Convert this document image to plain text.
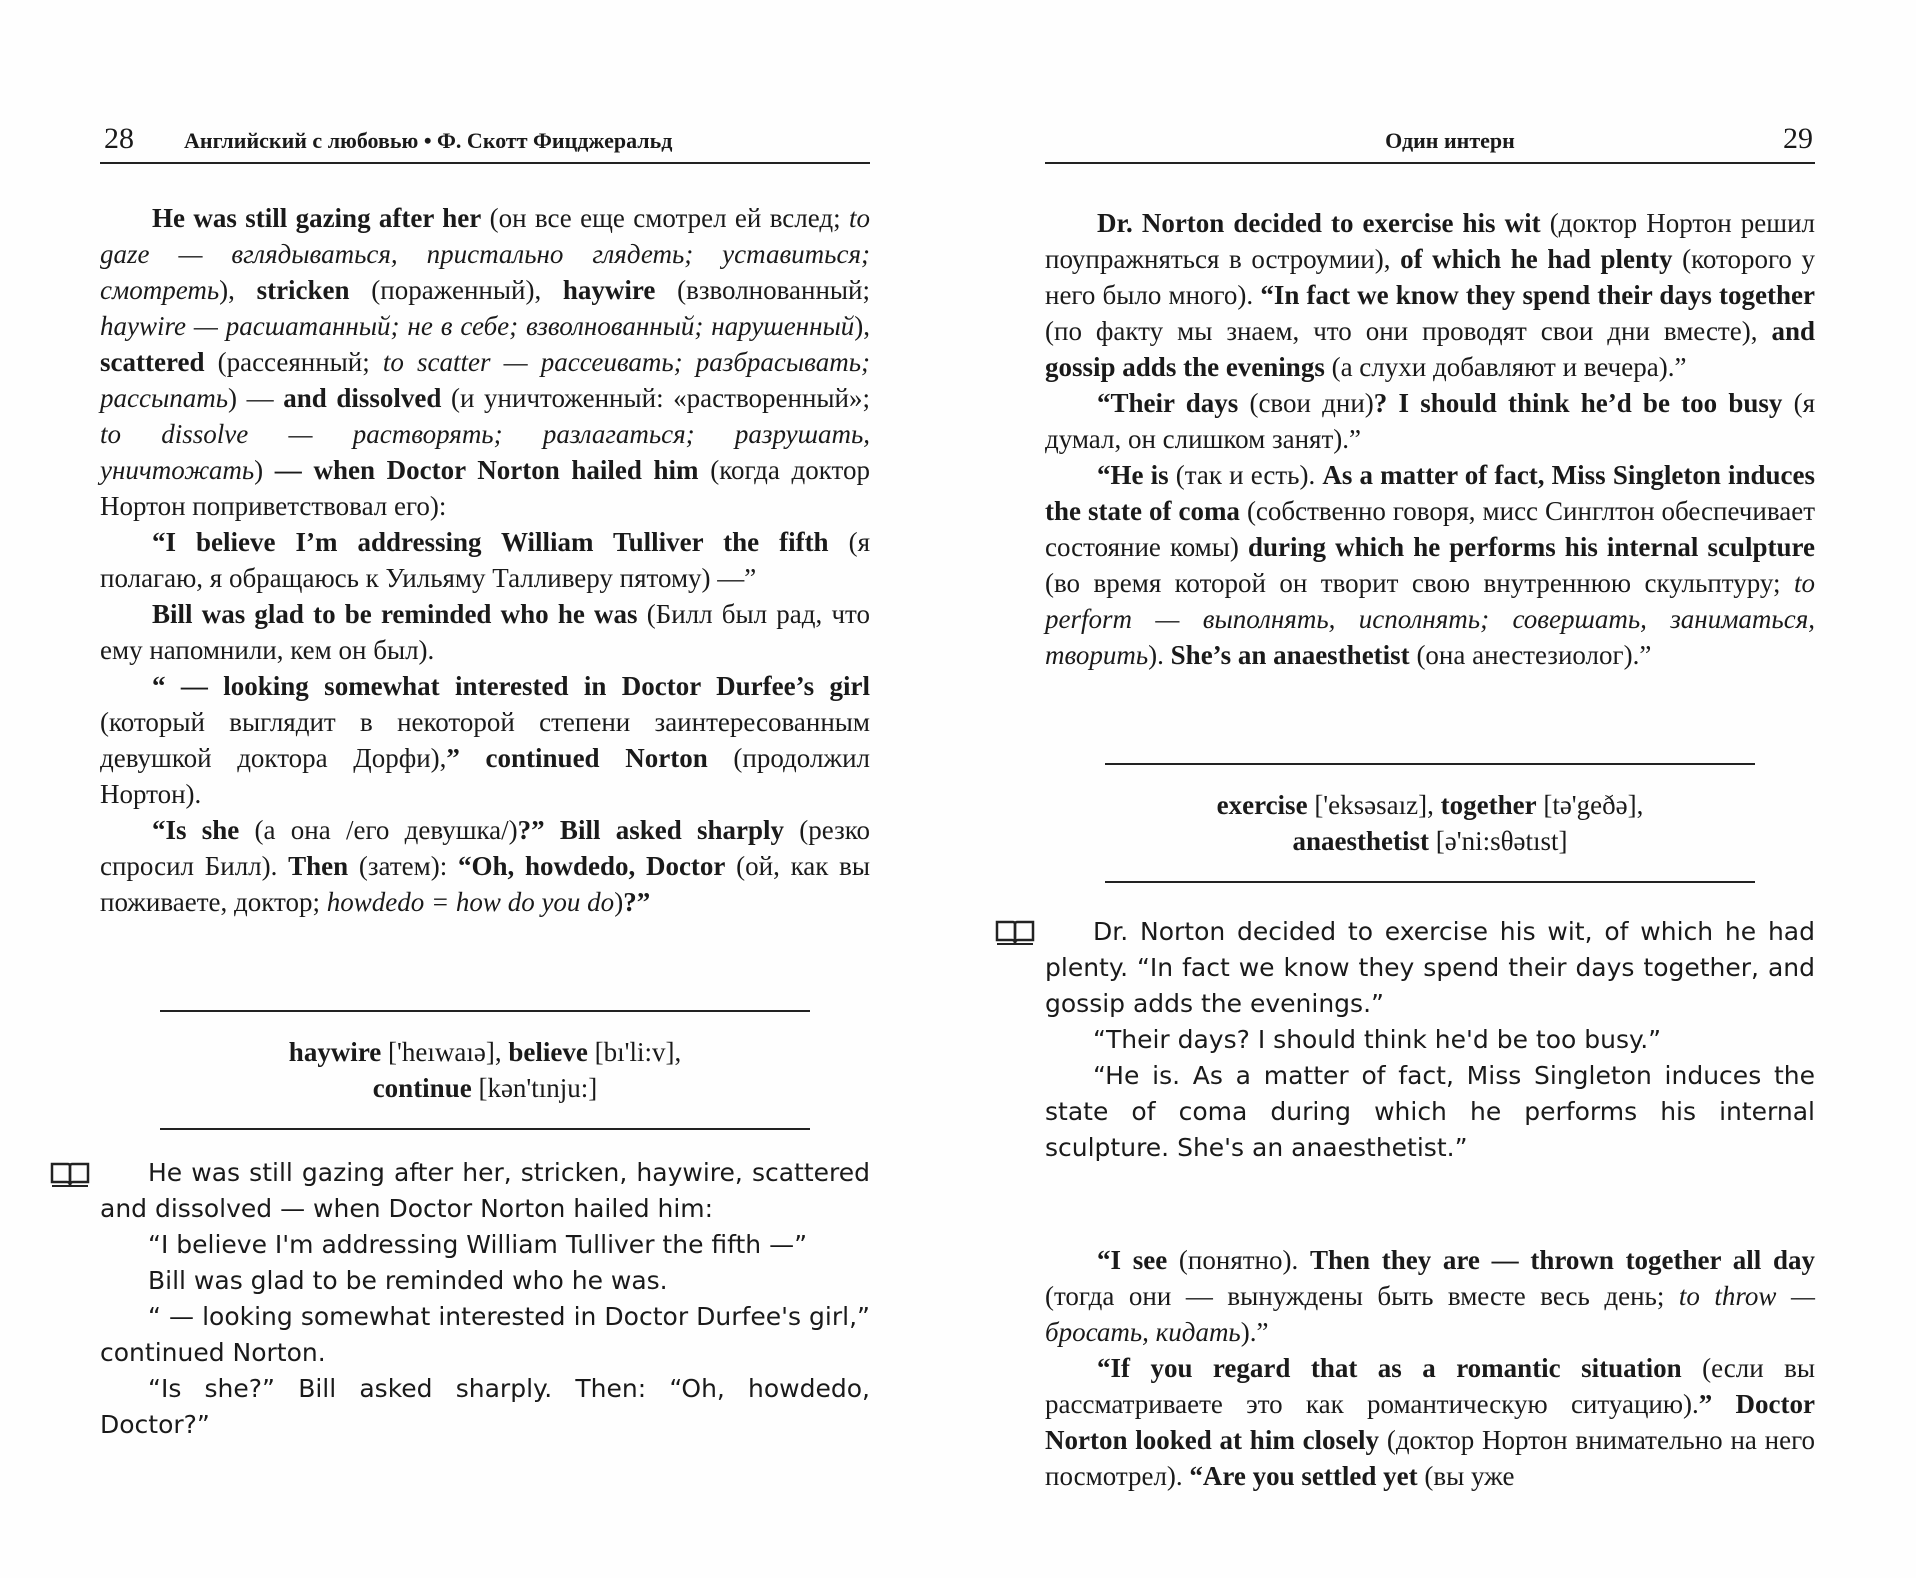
28 Английский с любовью • Ф. Скотт Фицджеральд

He was still gazing after her (он все еще смотрел ей вслед; to gaze — вглядываться, пристально глядеть; уставиться; смотреть), stricken (пораженный), haywire (взволнованный; haywire — расшатанный; не в себе; взволнованный; нарушенный), scattered (рассеянный; to scatter — рассеивать; разбрасывать; рассыпать) — and dissolved (и уничтоженный: «растворенный»; to dissolve — растворять; разлагаться; разрушать, уничтожать) — when Doctor Norton hailed him (когда доктор Нортон поприветствовал его):

“I believe I’m addressing William Tulliver the fifth (я полагаю, я обращаюсь к Уильяму Талливеру пятому) —”

Bill was glad to be reminded who he was (Билл был рад, что ему напомнили, кем он был).

“ — looking somewhat interested in Doctor Durfee’s girl (который выглядит в некоторой степени заинтересованным девушкой доктора Дорфи),” continued Norton (продолжил Нортон).

“Is she (а она /его девушка/)?” Bill asked sharply (резко спросил Билл). Then (затем): “Oh, howdedo, Doctor (ой, как вы поживаете, доктор; howdedo = how do you do)?”

haywire ['heıwaıə], believe [bı'li:v],
continue [kən'tınju:]

He was still gazing after her, stricken, haywire, scattered and dissolved — when Doctor Norton hailed him:

“I believe I'm addressing William Tulliver the fifth —”

Bill was glad to be reminded who he was.

“ — looking somewhat interested in Doctor Durfee's girl,” continued Norton.

“Is she?” Bill asked sharply. Then: “Oh, howdedo, Doctor?”

Один интерн	29

Dr. Norton decided to exercise his wit (доктор Нортон решил поупражняться в остроумии), of which he had plenty (которого у него было много). “In fact we know they spend their days together (по факту мы знаем, что они проводят свои дни вместе), and gossip adds the evenings (а слухи добавляют и вечера).”

“Their days (свои дни)? I should think he’d be too busy (я думал, он слишком занят).”

“He is (так и есть). As a matter of fact, Miss Singleton induces the state of coma (собственно говоря, мисс Синглтон обеспечивает состояние комы) during which he performs his internal sculpture (во время которой он творит свою внутреннюю скульптуру; to perform — выполнять, исполнять; совершать, заниматься, творить). She’s an anaesthetist (она анестезиолог).”

exercise ['eksəsaız], together [tə'geðə],
anaesthetist [ə'ni:sθətıst]

Dr. Norton decided to exercise his wit, of which he had plenty. “In fact we know they spend their days together, and gossip adds the evenings.”

“Their days? I should think he'd be too busy.”

“He is. As a matter of fact, Miss Singleton induces the state of coma during which he performs his internal sculpture. She's an anaesthetist.”

“I see (понятно). Then they are — thrown together all day (тогда они — вынуждены быть вместе весь день; to throw — бросать, кидать).”

“If you regard that as a romantic situation (если вы рассматриваете это как романтическую ситуацию).” Doctor Norton looked at him closely (доктор Нортон внимательно на него посмотрел). “Are you settled yet (вы уже
